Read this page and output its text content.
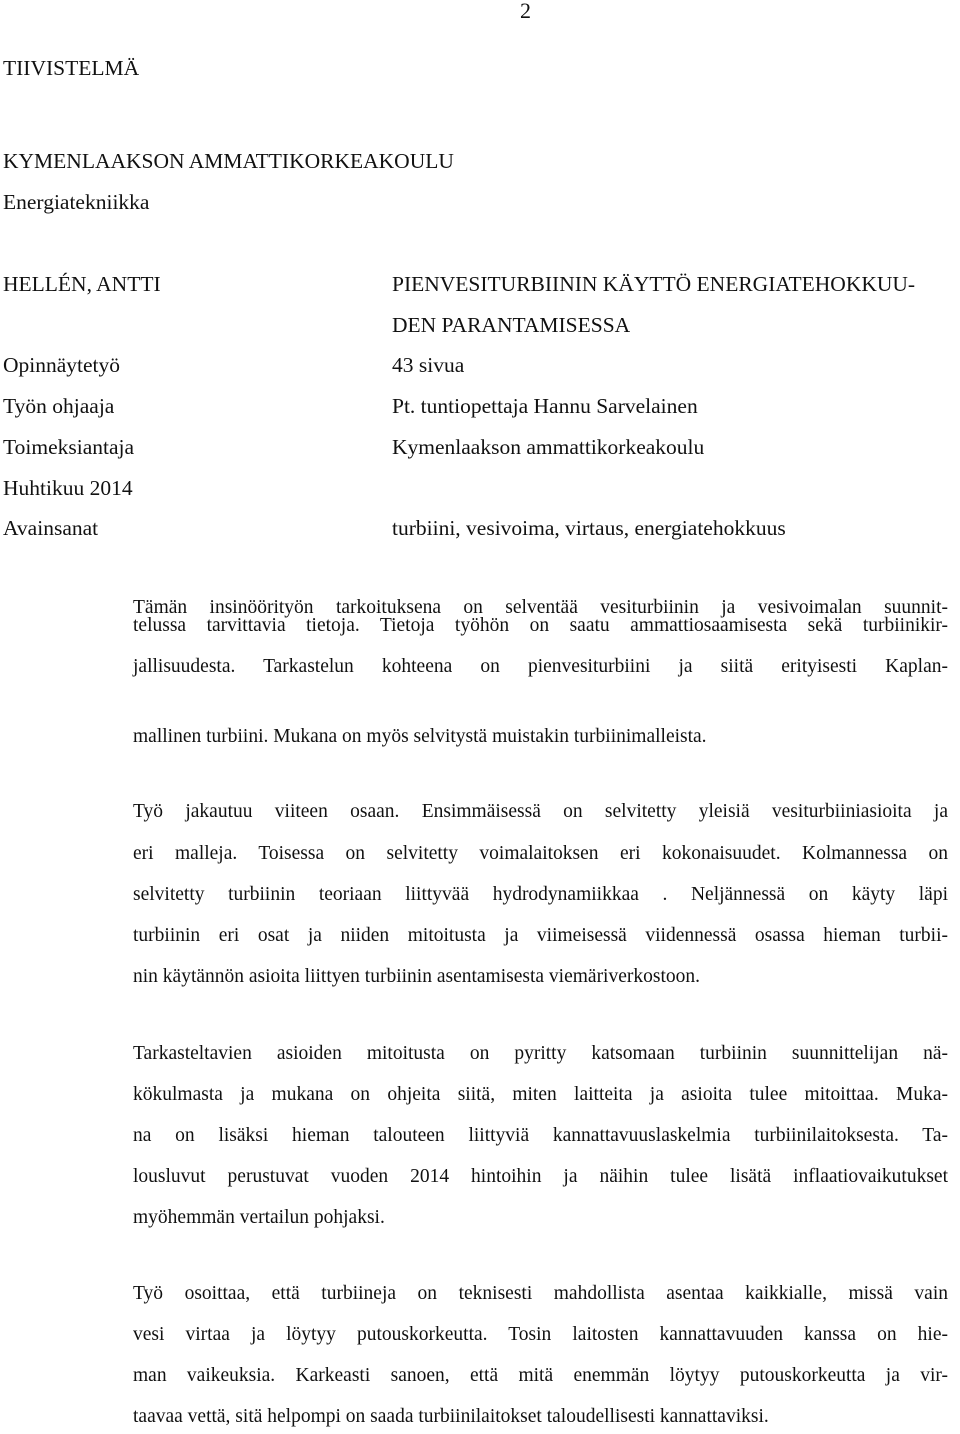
2
TIIVISTELMÄ
KYMENLAAKSON AMMATTIKORKEAKOULU
Energiatekniikka
HELLÉN, ANTTI	PIENVESITURBIININ KÄYTTÖ ENERGIATEHOKKUU-
DEN PARANTAMISESSA
Opinnäytetyö	43 sivua
Työn ohjaaja	Pt. tuntiopettaja Hannu Sarvelainen
Toimeksiantaja	Kymenlaakson ammattikorkeakoulu
Huhtikuu 2014
Avainsanat	turbiini, vesivoima, virtaus, energiatehokkuus
Tämän insinöörityön tarkoituksena on selventää vesiturbiinin ja vesivoimalan suunnit-
telussa tarvittavia tietoja. Tietoja työhön on saatu ammattiosaamisesta sekä turbiinikir-
jallisuudesta. Tarkastelun kohteena on pienvesiturbiini ja siitä erityisesti Kaplan-
mallinen turbiini. Mukana on myös selvitystä muistakin turbiinimalleista.
Työ jakautuu viiteen osaan. Ensimmäisessä on selvitetty yleisiä vesiturbiiniasioita ja
eri malleja. Toisessa on selvitetty voimalaitoksen eri kokonaisuudet. Kolmannessa on
selvitetty turbiinin teoriaan liittyvää hydrodynamiikkaa . Neljännessä on käyty läpi
turbiinin eri osat ja niiden mitoitusta ja viimeisessä viidennessä osassa hieman turbii-
nin käytännön asioita liittyen turbiinin asentamisesta viemäriverkostoon.
Tarkasteltavien asioiden mitoitusta on pyritty katsomaan turbiinin suunnittelijan nä-
kökulmasta ja mukana on ohjeita siitä, miten laitteita ja asioita tulee mitoittaa. Muka-
na on lisäksi hieman talouteen liittyviä kannattavuuslaskelmia turbiinilaitoksesta. Ta-
lousluvut perustuvat vuoden 2014 hintoihin ja näihin tulee lisätä inflaatiovaikutukset
myöhemmän vertailun pohjaksi.
Työ osoittaa, että turbiineja on teknisesti mahdollista asentaa kaikkialle, missä vain
vesi virtaa ja löytyy putouskorkeutta. Tosin laitosten kannattavuuden kanssa on hie-
man vaikeuksia. Karkeasti sanoen, että mitä enemmän löytyy putouskorkeutta ja vir-
taavaa vettä, sitä helpompi on saada turbiinilaitokset taloudellisesti kannattaviksi.
